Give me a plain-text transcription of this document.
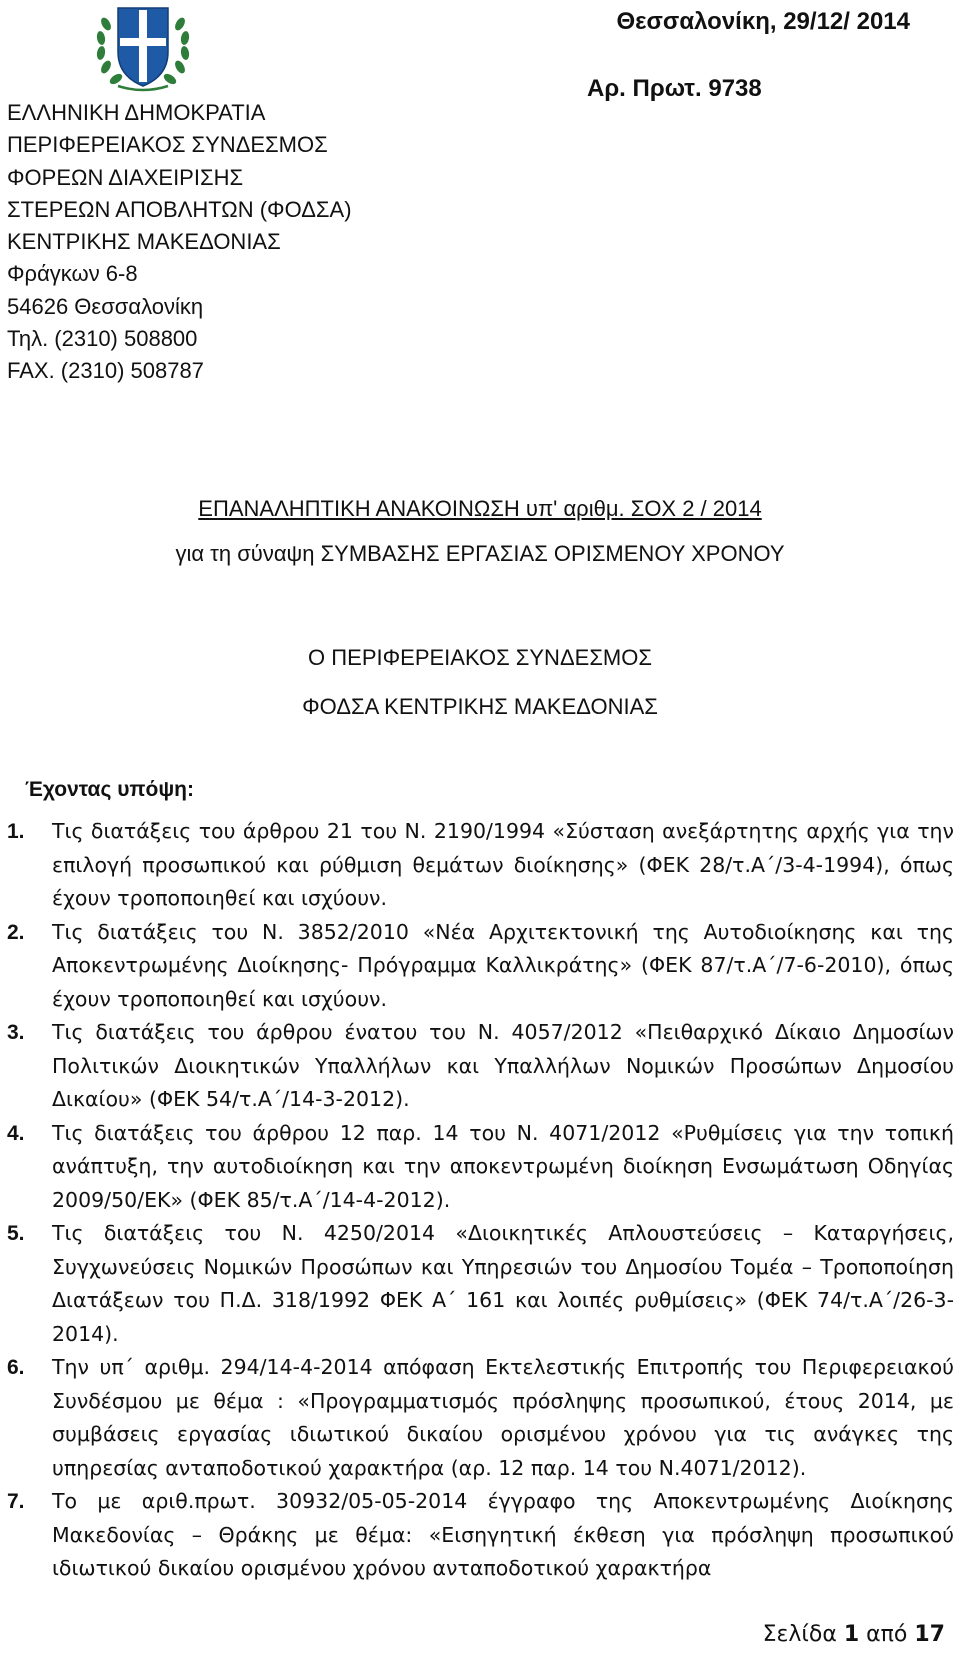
ΕΛΛΗΝΙΚΗ ΔΗΜΟΚΡΑΤΙΑ
ΠΕΡΙΦΕΡΕΙΑΚΟΣ ΣΥΝΔΕΣΜΟΣ
ΦΟΡΕΩΝ ΔΙΑΧΕΙΡΙΣΗΣ
ΣΤΕΡΕΩΝ ΑΠΟΒΛΗΤΩΝ (ΦΟΔΣΑ)
ΚΕΝΤΡΙΚΗΣ ΜΑΚΕΔΟΝΙΑΣ
Φράγκων 6-8
54626 Θεσσαλονίκη
Τηλ. (2310) 508800
FAX. (2310) 508787
Θεσσαλονίκη, 29/12/ 2014
Αρ. Πρωτ. 9738
ΕΠΑΝΑΛΗΠΤΙΚΗ ΑΝΑΚΟΙΝΩΣΗ υπ' αριθμ. ΣΟΧ 2 / 2014
για τη σύναψη ΣΥΜΒΑΣΗΣ ΕΡΓΑΣΙΑΣ ΟΡΙΣΜΕΝΟΥ ΧΡΟΝΟΥ
Ο ΠΕΡΙΦΕΡΕΙΑΚΟΣ ΣΥΝΔΕΣΜΟΣ
ΦΟΔΣΑ ΚΕΝΤΡΙΚΗΣ ΜΑΚΕΔΟΝΙΑΣ
Έχοντας υπόψη:
1.	Τις διατάξεις του άρθρου 21 του Ν. 2190/1994 «Σύσταση ανεξάρτητης αρχής για την επιλογή προσωπικού και ρύθμιση θεμάτων διοίκησης» (ΦΕΚ 28/τ.Α΄/3-4-1994), όπως έχουν τροποποιηθεί και ισχύουν.
2.	Τις διατάξεις του Ν. 3852/2010 «Νέα Αρχιτεκτονική της Αυτοδιοίκησης και της Αποκεντρωμένης Διοίκησης- Πρόγραμμα Καλλικράτης» (ΦΕΚ 87/τ.Α΄/7-6-2010), όπως έχουν τροποποιηθεί και ισχύουν.
3.	Τις διατάξεις του άρθρου ένατου του Ν. 4057/2012 «Πειθαρχικό Δίκαιο Δημοσίων Πολιτικών Διοικητικών Υπαλλήλων και Υπαλλήλων Νομικών Προσώπων Δημοσίου Δικαίου» (ΦΕΚ 54/τ.Α΄/14-3-2012).
4.	Τις διατάξεις του άρθρου 12 παρ. 14 του Ν. 4071/2012 «Ρυθμίσεις για την τοπική ανάπτυξη, την αυτοδιοίκηση και την αποκεντρωμένη διοίκηση Ενσωμάτωση Οδηγίας 2009/50/ΕΚ» (ΦΕΚ 85/τ.Α΄/14-4-2012).
5.	Τις διατάξεις του Ν. 4250/2014 «Διοικητικές Απλουστεύσεις – Καταργήσεις, Συγχωνεύσεις Νομικών Προσώπων και Υπηρεσιών του Δημοσίου Τομέα – Τροποποίηση Διατάξεων του Π.Δ. 318/1992 ΦΕΚ Α΄ 161 και λοιπές ρυθμίσεις» (ΦΕΚ 74/τ.Α΄/26-3-2014).
6.	Την υπ΄ αριθμ. 294/14-4-2014 απόφαση Εκτελεστικής Επιτροπής του Περιφερειακού Συνδέσμου με θέμα : «Προγραμματισμός πρόσληψης προσωπικού, έτους 2014, με συμβάσεις εργασίας ιδιωτικού δικαίου ορισμένου χρόνου για τις ανάγκες της υπηρεσίας ανταποδοτικού χαρακτήρα (αρ. 12 παρ. 14 του Ν.4071/2012).
7.	Το με αριθ.πρωτ. 30932/05-05-2014 έγγραφο της Αποκεντρωμένης Διοίκησης Μακεδονίας – Θράκης με θέμα: «Εισηγητική έκθεση για πρόσληψη προσωπικού ιδιωτικού δικαίου ορισμένου χρόνου ανταποδοτικού χαρακτήρα
Σελίδα 1 από 17
